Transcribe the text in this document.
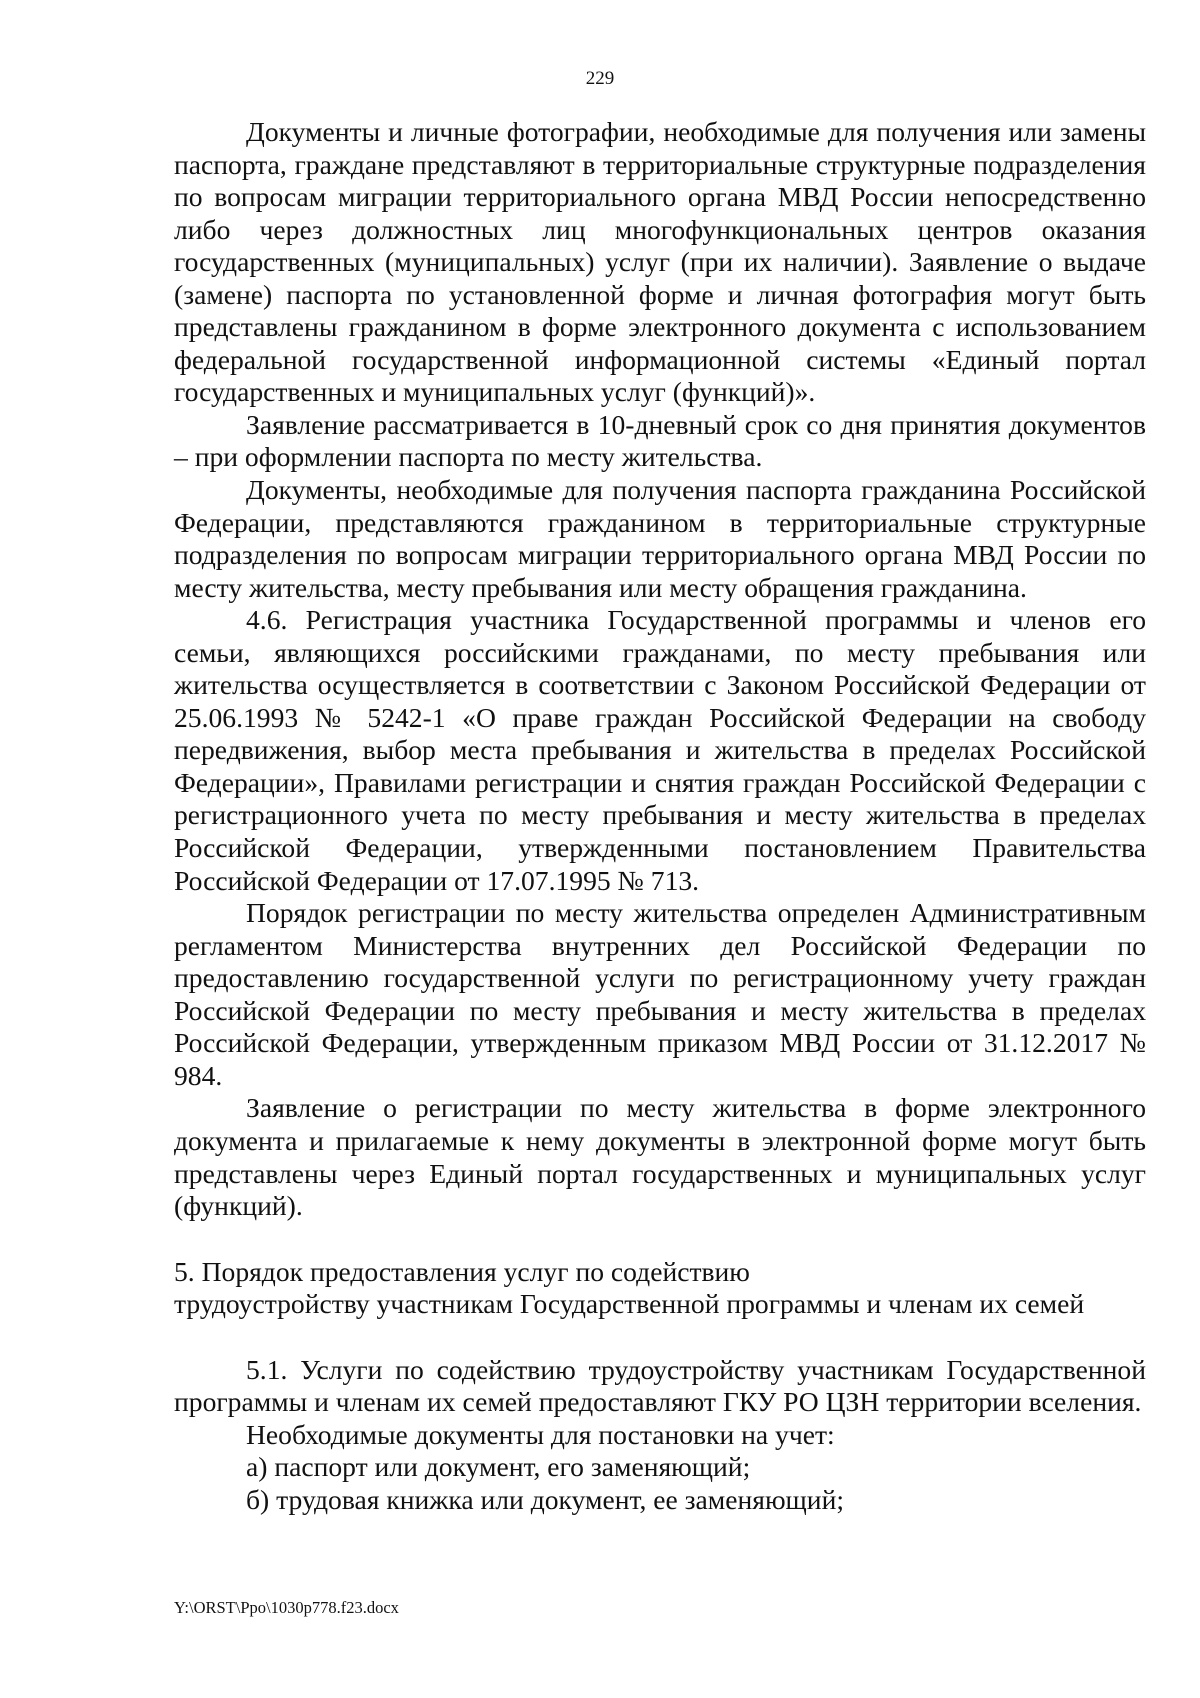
229

Документы и личные фотографии, необходимые для получения или замены паспорта, граждане представляют в территориальные структурные подразделения по вопросам миграции территориального органа МВД России непосредственно либо через должностных лиц многофункциональных центров оказания государственных (муниципальных) услуг (при их наличии). Заявление о выдаче (замене) паспорта по установленной форме и личная фотография могут быть представлены гражданином в форме электронного документа с использованием федеральной государственной информационной системы «Единый портал государственных и муниципальных услуг (функций)».

Заявление рассматривается в 10-дневный срок со дня принятия документов – при оформлении паспорта по месту жительства.

Документы, необходимые для получения паспорта гражданина Российской Федерации, представляются гражданином в территориальные структурные подразделения по вопросам миграции территориального органа МВД России по месту жительства, месту пребывания или месту обращения гражданина.

4.6. Регистрация участника Государственной программы и членов его семьи, являющихся российскими гражданами, по месту пребывания или жительства осуществляется в соответствии с Законом Российской Федерации от 25.06.1993 № 5242-1 «О праве граждан Российской Федерации на свободу передвижения, выбор места пребывания и жительства в пределах Российской Федерации», Правилами регистрации и снятия граждан Российской Федерации с регистрационного учета по месту пребывания и месту жительства в пределах Российской Федерации, утвержденными постановлением Правительства Российской Федерации от 17.07.1995 № 713.

Порядок регистрации по месту жительства определен Административным регламентом Министерства внутренних дел Российской Федерации по предоставлению государственной услуги по регистрационному учету граждан Российской Федерации по месту пребывания и месту жительства в пределах Российской Федерации, утвержденным приказом МВД России от 31.12.2017 № 984.

Заявление о регистрации по месту жительства в форме электронного документа и прилагаемые к нему документы в электронной форме могут быть представлены через Единый портал государственных и муниципальных услуг (функций).

5. Порядок предоставления услуг по содействию
трудоустройству участникам Государственной программы и членам их семей

5.1. Услуги по содействию трудоустройству участникам Государственной программы и членам их семей предоставляют ГКУ РО ЦЗН территории вселения.

Необходимые документы для постановки на учет:

а) паспорт или документ, его заменяющий;

б) трудовая книжка или документ, ее заменяющий;

Y:\ORST\Ppo\1030p778.f23.docx
